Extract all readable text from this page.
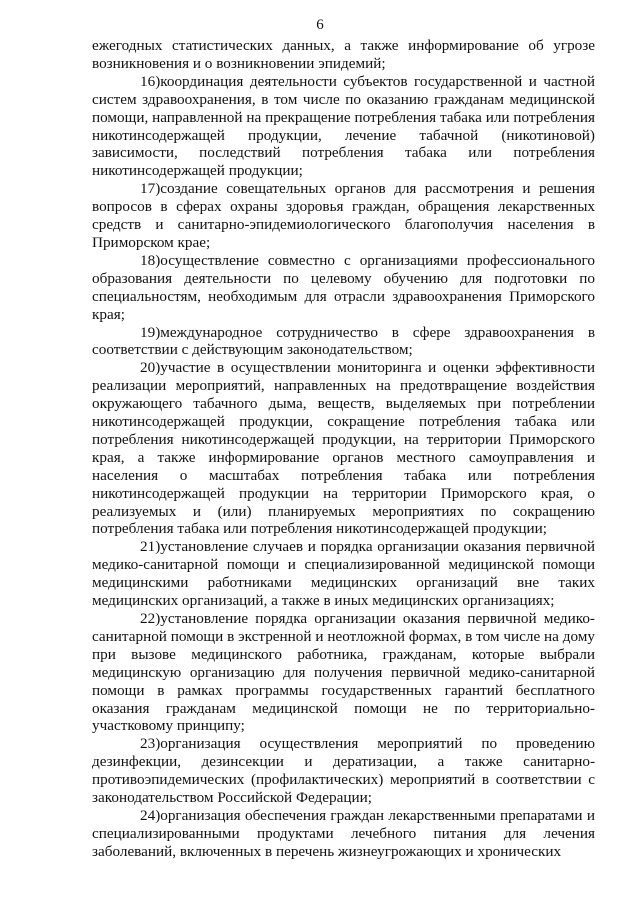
6

ежегодных статистических данных, а также информирование об угрозе возникновения и о возникновении эпидемий;

16)координация деятельности субъектов государственной и частной систем здравоохранения, в том числе по оказанию гражданам медицинской помощи, направленной на прекращение потребления табака или потребления никотинсодержащей продукции, лечение табачной (никотиновой) зависимости, последствий потребления табака или потребления никотинсодержащей продукции;

17)создание совещательных органов для рассмотрения и решения вопросов в сферах охраны здоровья граждан, обращения лекарственных средств и санитарно-эпидемиологического благополучия населения в Приморском крае;

18)осуществление совместно с организациями профессионального образования деятельности по целевому обучению для подготовки по специальностям, необходимым для отрасли здравоохранения Приморского края;

19)международное сотрудничество в сфере здравоохранения в соответствии с действующим законодательством;

20)участие в осуществлении мониторинга и оценки эффективности реализации мероприятий, направленных на предотвращение воздействия окружающего табачного дыма, веществ, выделяемых при потреблении никотинсодержащей продукции, сокращение потребления табака или потребления никотинсодержащей продукции, на территории Приморского края, а также информирование органов местного самоуправления и населения о масштабах потребления табака или потребления никотинсодержащей продукции на территории Приморского края, о реализуемых и (или) планируемых мероприятиях по сокращению потребления табака или потребления никотинсодержащей продукции;

21)установление случаев и порядка организации оказания первичной медико-санитарной помощи и специализированной медицинской помощи медицинскими работниками медицинских организаций вне таких медицинских организаций, а также в иных медицинских организациях;

22)установление порядка организации оказания первичной медико-санитарной помощи в экстренной и неотложной формах, в том числе на дому при вызове медицинского работника, гражданам, которые выбрали медицинскую организацию для получения первичной медико-санитарной помощи в рамках программы государственных гарантий бесплатного оказания гражданам медицинской помощи не по территориально-участковому принципу;

23)организация осуществления мероприятий по проведению дезинфекции, дезинсекции и дератизации, а также санитарно-противоэпидемических (профилактических) мероприятий в соответствии с законодательством Российской Федерации;

24)организация обеспечения граждан лекарственными препаратами и специализированными продуктами лечебного питания для лечения заболеваний, включенных в перечень жизнеугрожающих и хронических
